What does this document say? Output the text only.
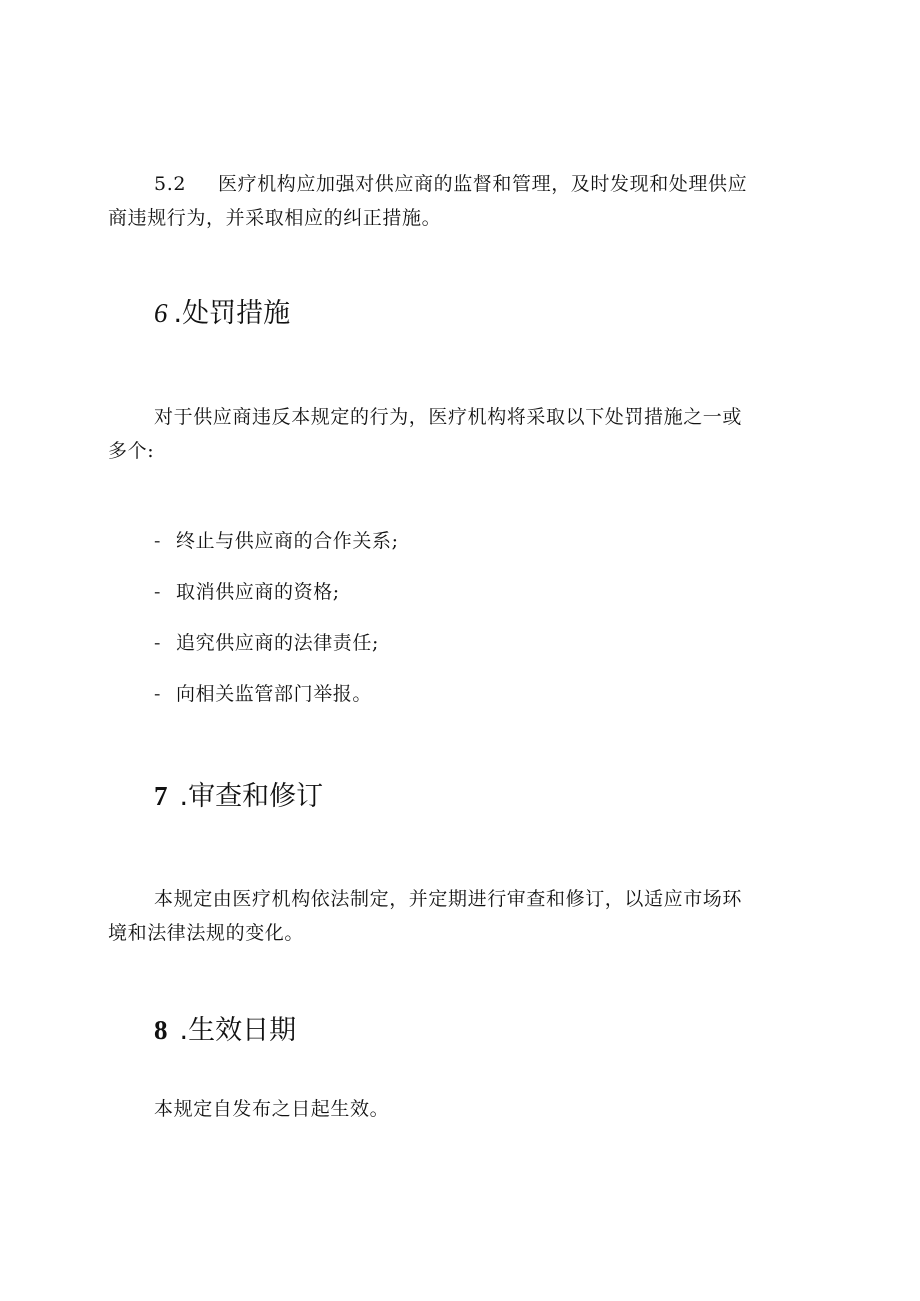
5.2 医疗机构应加强对供应商的监督和管理，及时发现和处理供应
商违规行为，并采取相应的纠正措施。

6 .处罚措施

对于供应商违反本规定的行为，医疗机构将采取以下处罚措施之一或
多个:

- 终止与供应商的合作关系;
- 取消供应商的资格;
- 追究供应商的法律责任;
- 向相关监管部门举报。
7 .审查和修订

本规定由医疗机构依法制定，并定期进行审查和修订，以适应市场环
境和法律法规的变化。

8 .生效日期

本规定自发布之日起生效。
